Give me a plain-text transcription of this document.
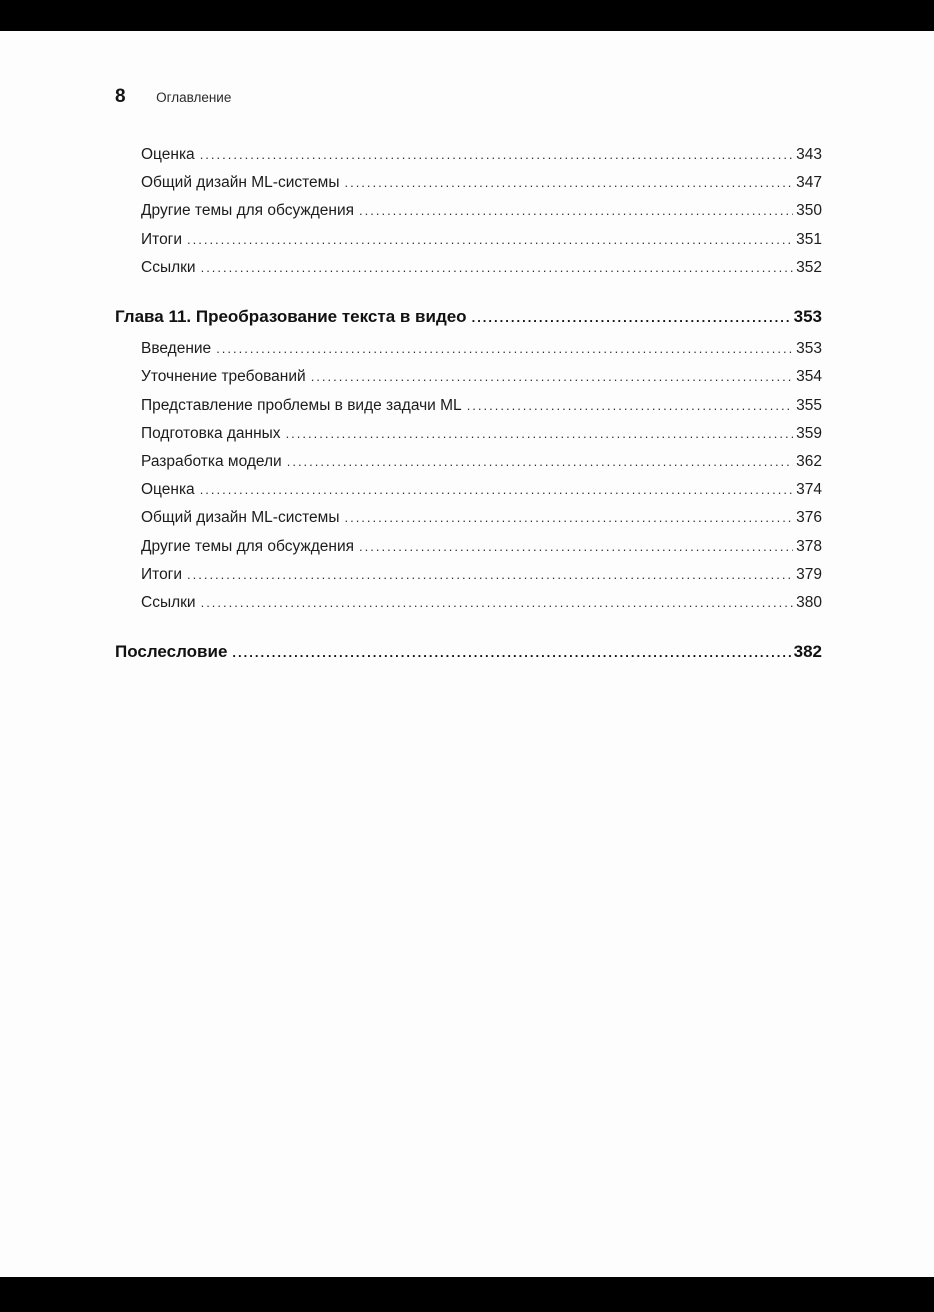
8 Оглавление
Оценка .....	343
Общий дизайн ML-системы .....	347
Другие темы для обсуждения .....	350
Итоги .....	351
Ссылки .....	352
Глава 11. Преобразование текста в видео .....	353
Введение .....	353
Уточнение требований .....	354
Представление проблемы в виде задачи ML .....	355
Подготовка данных .....	359
Разработка модели .....	362
Оценка .....	374
Общий дизайн ML-системы .....	376
Другие темы для обсуждения .....	378
Итоги .....	379
Ссылки .....	380
Послесловие .....	382
